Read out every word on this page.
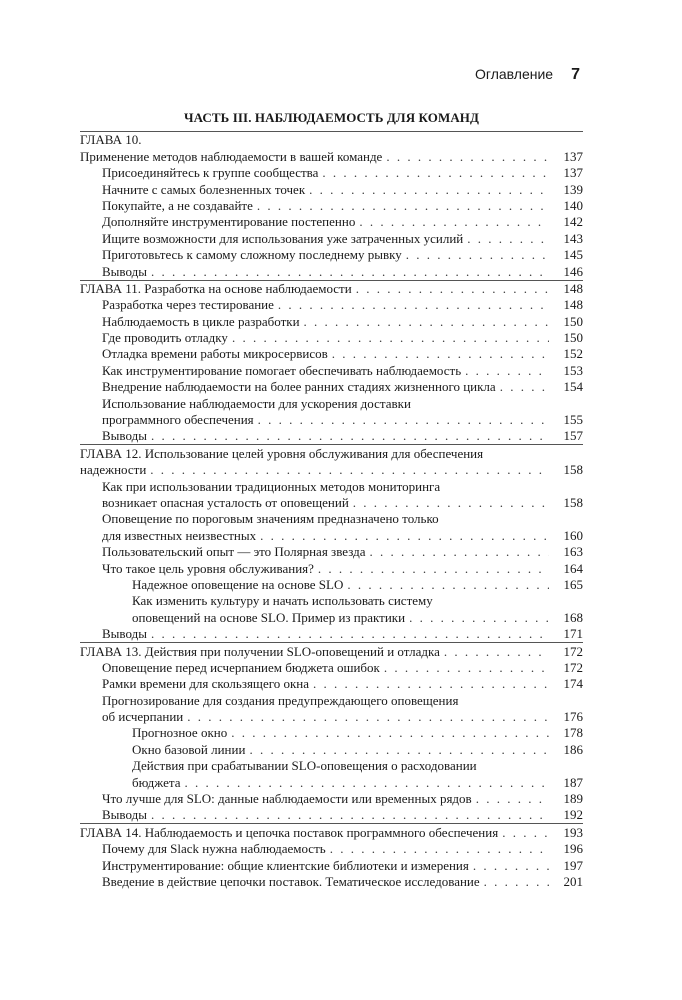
Оглавление 7
ЧАСТЬ III. НАБЛЮДАЕМОСТЬ ДЛЯ КОМАНД
ГЛАВА 10.
Применение методов наблюдаемости в вашей команде . . .	137
Присоединяйтесь к группе сообщества . . .	137
Начните с самых болезненных точек . . .	139
Покупайте, а не создавайте . . .	140
Дополняйте инструментирование постепенно . . .	142
Ищите возможности для использования уже затраченных усилий . . .	143
Приготовьтесь к самому сложному последнему рывку . . .	145
Выводы . . .	146
ГЛАВА 11. Разработка на основе наблюдаемости . . .	148
Разработка через тестирование . . .	148
Наблюдаемость в цикле разработки . . .	150
Где проводить отладку . . .	150
Отладка времени работы микросервисов . . .	152
Как инструментирование помогает обеспечивать наблюдаемость . . .	153
Внедрение наблюдаемости на более ранних стадиях жизненного цикла . . .	154
Использование наблюдаемости для ускорения доставки
программного обеспечения . . .	155
Выводы . . .	157
ГЛАВА 12. Использование целей уровня обслуживания для обеспечения
надежности . . .	158
Как при использовании традиционных методов мониторинга
возникает опасная усталость от оповещений . . .	158
Оповещение по пороговым значениям предназначено только
для известных неизвестных . . .	160
Пользовательский опыт — это Полярная звезда . . .	163
Что такое цель уровня обслуживания? . . .	164
Надежное оповещение на основе SLO . . .	165
Как изменить культуру и начать использовать систему
оповещений на основе SLO. Пример из практики . . .	168
Выводы . . .	171
ГЛАВА 13. Действия при получении SLO-оповещений и отладка . . .	172
Оповещение перед исчерпанием бюджета ошибок . . .	172
Рамки времени для скользящего окна . . .	174
Прогнозирование для создания предупреждающего оповещения
об исчерпании . . .	176
Прогнозное окно . . .	178
Окно базовой линии . . .	186
Действия при срабатывании SLO-оповещения о расходовании
бюджета . . .	187
Что лучше для SLO: данные наблюдаемости или временных рядов . . .	189
Выводы . . .	192
ГЛАВА 14. Наблюдаемость и цепочка поставок программного обеспечения . . .	193
Почему для Slack нужна наблюдаемость . . .	196
Инструментирование: общие клиентские библиотеки и измерения . . .	197
Введение в действие цепочки поставок. Тематическое исследование . . .	201
